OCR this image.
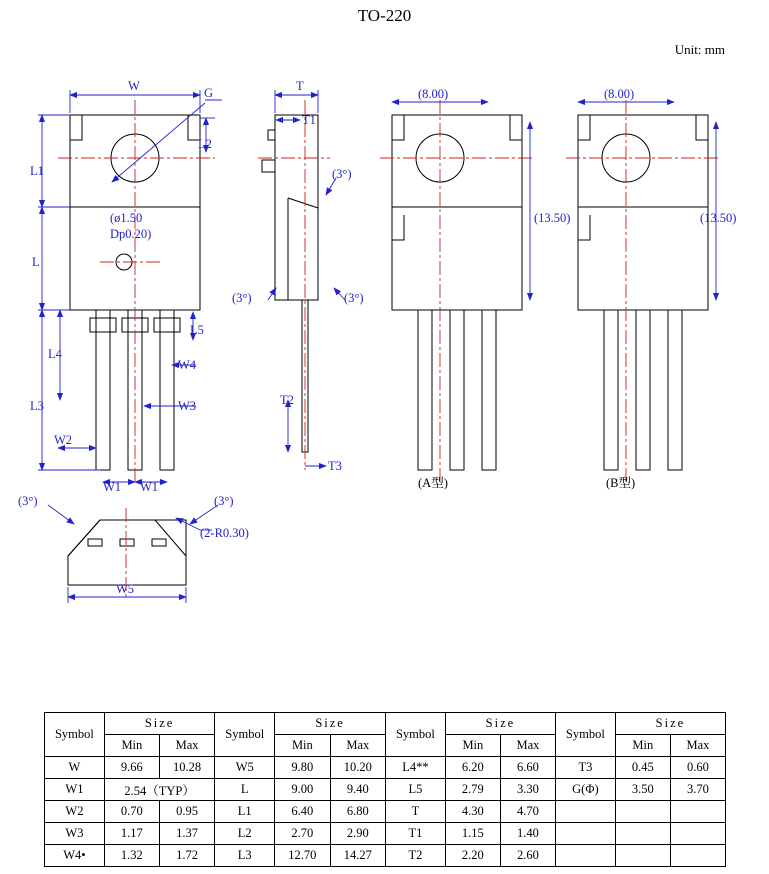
TO-220
Unit: mm
W	G
L2
L1
L
L4
L3
L5
W4
W3
W2
W1 W1
T
T1
T2
T3
(3°)
(3°)	(3°)
(8.00)
(13.50)
(8.00)
(13.50)
(3°)	(3°)
(2-R0.30)
W5
(ø1.50
Dp0.20)
(A型)	(B型)
Symbol	Size		Symbol	Size		Symbol	Size		Symbol	Size	
	Min	Max		Min	Max		Min	Max		Min	Max
W	9.66	10.28	W5	9.80	10.20	L4**	6.20	6.60	T3	0.45	0.60
W1	2.54（TYP）		L	9.00	9.40	L5	2.79	3.30	G(Φ)	3.50	3.70
W2	0.70	0.95	L1	6.40	6.80	T	4.30	4.70			
W3	1.17	1.37	L2	2.70	2.90	T1	1.15	1.40			
W4•	1.32	1.72	L3	12.70	14.27	T2	2.20	2.60			
